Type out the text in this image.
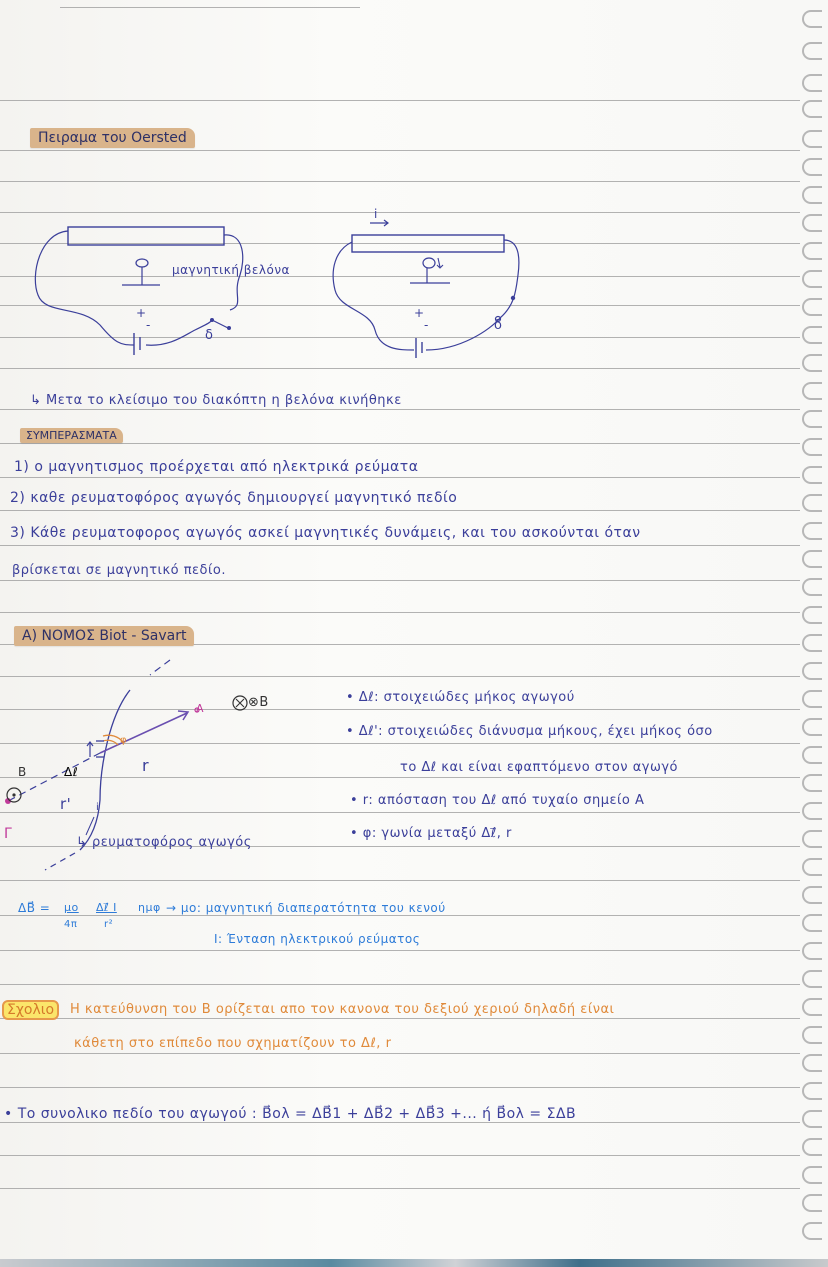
Πειραμα του Oersted
μαγνητική βελόνα
+
-
δ
i
+
-	δ
↳ Μετα το κλείσιμο του διακόπτη η βελόνα κινήθηκε
ΣΥΜΠΕΡΑΣΜΑΤΑ
1) ο μαγνητισμος προέρχεται από ηλεκτρικά ρεύματα
2) καθε ρευματοφόρος αγωγός δημιουργεί μαγνητικό πεδίο
3) Κάθε ρευματοφορος αγωγός ασκεί μαγνητικές δυνάμεις, και του ασκούνται όταν
βρίσκεται σε μαγνητικό πεδίο.
A) ΝΟΜΟΣ Biot - Savart
A	⊗B
B	Δℓ	r
r'
φ
i
Γ
↳ ρευματοφόρος αγωγός
• Δℓ: στοιχειώδες μήκος αγωγού
• Δℓ': στοιχειώδες διάνυσμα μήκους, έχει μήκος όσο
το Δℓ και είναι εφαπτόμενο στον αγωγό
• r: απόσταση του Δℓ από τυχαίο σημείο A
• φ: γωνία μεταξύ Δℓ⃗, r
ΔB⃗ = μο
4π
Δℓ⃗ I
r²
ημφ → μο: μαγνητική διαπερατότητα του κενού
I: Ένταση ηλεκτρικού ρεύματος
Σχολιο	Η κατεύθυνση του B ορίζεται απο τον κανονα του δεξιού χεριού δηλαδή είναι
κάθετη στο επίπεδο που σχηματίζουν το Δℓ, r
• Το συνολικο πεδίο του αγωγού : B⃗ολ = ΔB⃗1 + ΔB⃗2 + ΔB⃗3 +... ή B⃗ολ = ΣΔB
